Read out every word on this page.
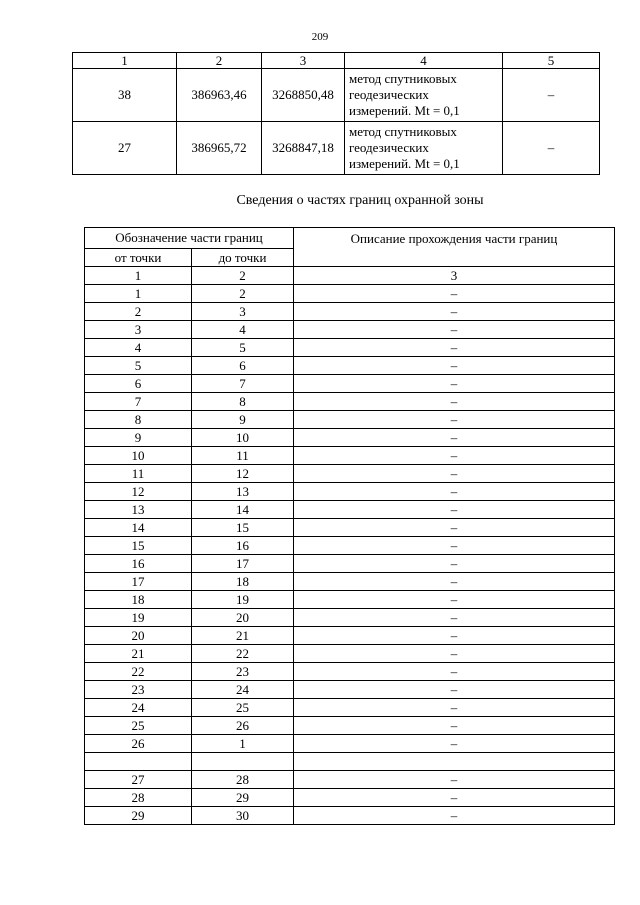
209
1	2	3	4	5
38	386963,46	3268850,48	метод спутниковых
геодезических
измерений. Mt = 0,1	–
27	386965,72	3268847,18	метод спутниковых
геодезических
измерений. Mt = 0,1	–
Сведения о частях границ охранной зоны
Обозначение части границ		Описание прохождения части границ
от точки	до точки	
1	2	3
1	2	–
2	3	–
3	4	–
4	5	–
5	6	–
6	7	–
7	8	–
8	9	–
9	10	–
10	11	–
11	12	–
12	13	–
13	14	–
14	15	–
15	16	–
16	17	–
17	18	–
18	19	–
19	20	–
20	21	–
21	22	–
22	23	–
23	24	–
24	25	–
25	26	–
26	1	–

27	28	–
28	29	–
29	30	–
